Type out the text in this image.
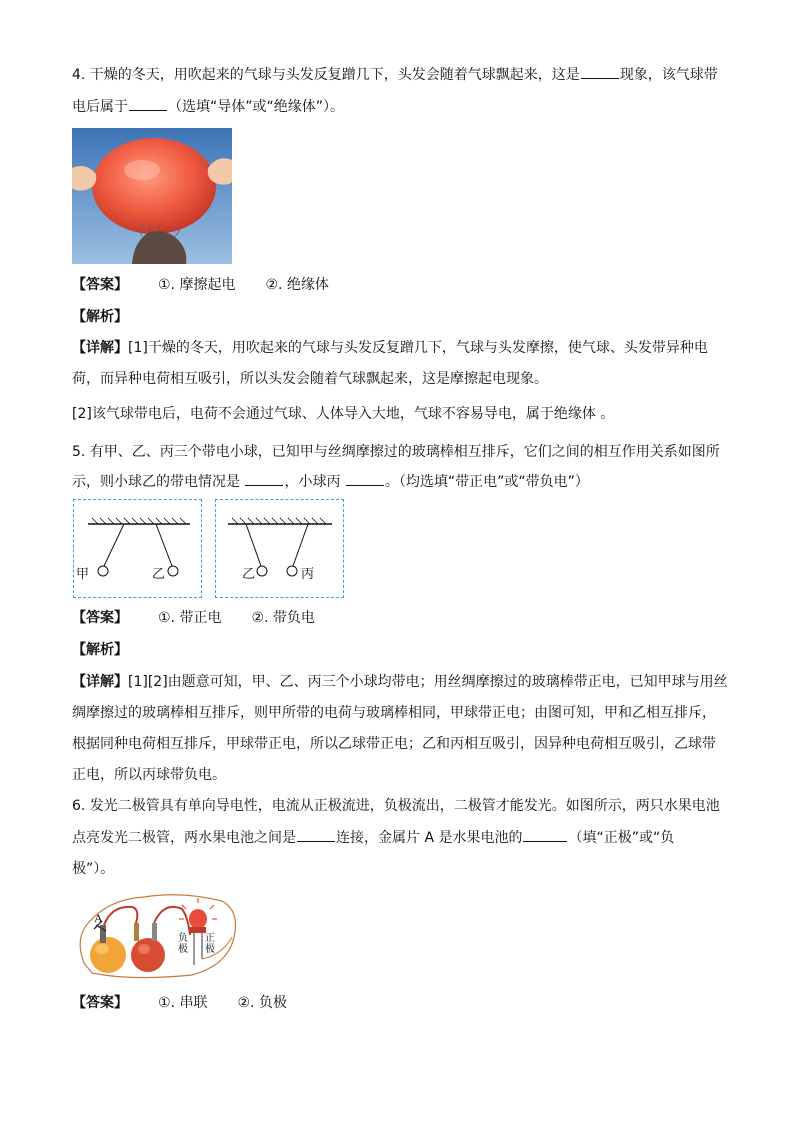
4. 干燥的冬天，用吹起来的气球与头发反复蹭几下，头发会随着气球飘起来，这是	现象，该气球带

电后属于	（选填“导体”或“绝缘体”）。

【答案】 ①. 摩擦起电 ②. 绝缘体

【解析】

【详解】[1]干燥的冬天，用吹起来的气球与头发反复蹭几下，气球与头发摩擦，使气球、头发带异种电

荷，而异种电荷相互吸引，所以头发会随着气球飘起来，这是摩擦起电现象。

[2]该气球带电后，电荷不会通过气球、人体导入大地，气球不容易导电，属于绝缘体 。

5. 有甲、乙、丙三个带电小球，已知甲与丝绸摩擦过的玻璃棒相互排斥，它们之间的相互作用关系如图所

示，则小球乙的带电情况是	，小球丙	。（均选填“带正电”或“带负电”）

甲	乙	乙	丙

【答案】 ①. 带正电 ②. 带负电

【解析】

【详解】[1][2]由题意可知，甲、乙、丙三个小球均带电；用丝绸摩擦过的玻璃棒带正电，已知甲球与用丝

绸摩擦过的玻璃棒相互排斥，则甲所带的电荷与玻璃棒相同，甲球带正电；由图可知，甲和乙相互排斥，

根据同种电荷相互排斥，甲球带正电，所以乙球带正电；乙和丙相互吸引，因异种电荷相互吸引，乙球带

正电，所以丙球带负电。

6. 发光二极管具有单向导电性，电流从正极流进，负极流出，二极管才能发光。如图所示，两只水果电池

点亮发光二极管，两水果电池之间是	连接，金属片 A 是水果电池的	（填“正极”或“负

极”）。

A
负极
正极

【答案】 ①. 串联 ②. 负极
